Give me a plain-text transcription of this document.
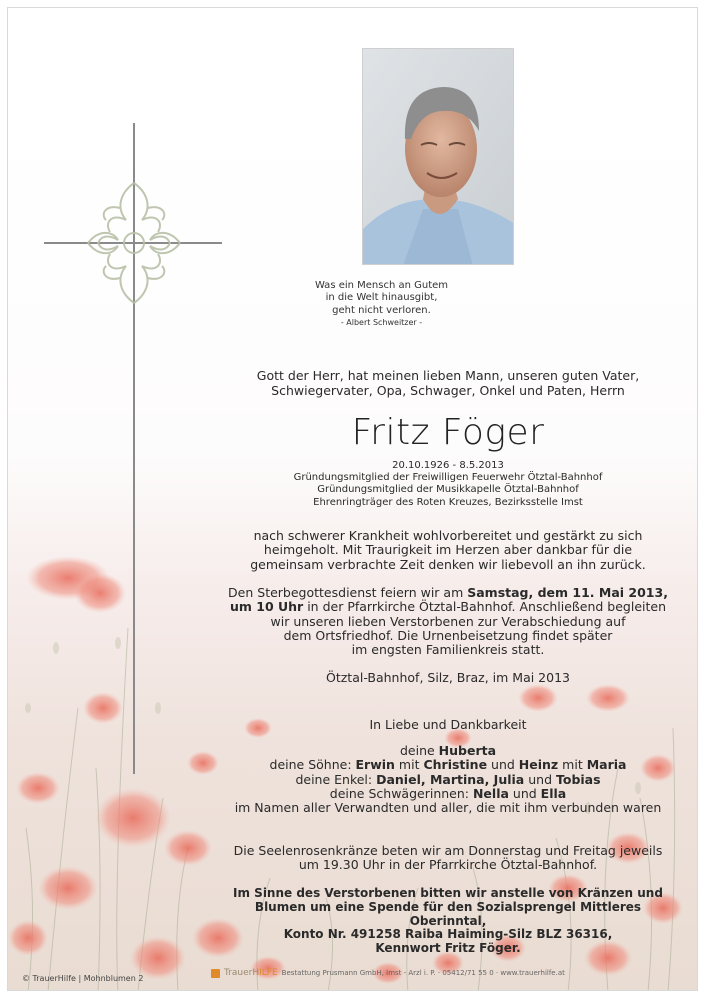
Was ein Mensch an Gutem
in die Welt hinausgibt,
geht nicht verloren.
- Albert Schweitzer -
Gott der Herr, hat meinen lieben Mann, unseren guten Vater,
Schwiegervater, Opa, Schwager, Onkel und Paten, Herrn
Fritz Föger
20.10.1926 - 8.5.2013
Gründungsmitglied der Freiwilligen Feuerwehr Ötztal-Bahnhof
Gründungsmitglied der Musikkapelle Ötztal-Bahnhof
Ehrenringträger des Roten Kreuzes, Bezirksstelle Imst
nach schwerer Krankheit wohlvorbereitet und gestärkt zu sich
heimgeholt. Mit Traurigkeit im Herzen aber dankbar für die
gemeinsam verbrachte Zeit denken wir liebevoll an ihn zurück.
Den Sterbegottesdienst feiern wir am Samstag, dem 11. Mai 2013,
um 10 Uhr in der Pfarrkirche Ötztal-Bahnhof. Anschließend begleiten
wir unseren lieben Verstorbenen zur Verabschiedung auf
dem Ortsfriedhof. Die Urnenbeisetzung findet später
im engsten Familienkreis statt.
Ötztal-Bahnhof, Silz, Braz, im Mai 2013
In Liebe und Dankbarkeit
deine Huberta
deine Söhne: Erwin mit Christine und Heinz mit Maria
deine Enkel: Daniel, Martina, Julia und Tobias
deine Schwägerinnen: Nella und Ella
im Namen aller Verwandten und aller, die mit ihm verbunden waren
Die Seelenrosenkränze beten wir am Donnerstag und Freitag jeweils
um 19.30 Uhr in der Pfarrkirche Ötztal-Bahnhof.
Im Sinne des Verstorbenen bitten wir anstelle von Kränzen und
Blumen um eine Spende für den Sozialsprengel Mittleres Oberinntal,
Konto Nr. 491258 Raiba Haiming-Silz BLZ 36316,
Kennwort Fritz Föger.
© TrauerHilfe | Mohnblumen 2
TrauerHILFE Bestattung Prusmann GmbH, Imst - Arzl i. P. · 05412/71 55 0 · www.trauerhilfe.at
